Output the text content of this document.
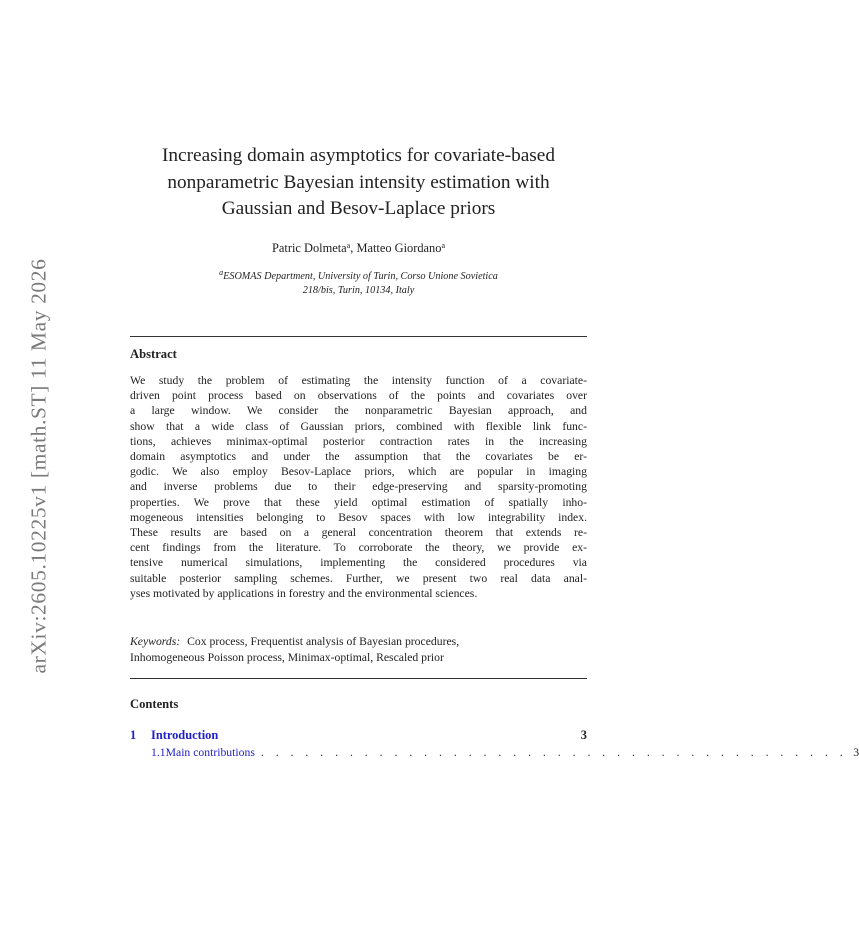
arXiv:2605.10225v1 [math.ST] 11 May 2026
Increasing domain asymptotics for covariate-based
nonparametric Bayesian intensity estimation with
Gaussian and Besov-Laplace priors
Patric Dolmeta$^a$, Matteo Giordano$^a$
$^a$ESOMAS Department, University of Turin, Corso Unione Sovietica
218/bis, Turin, 10134, Italy
Abstract
We study the problem of estimating the intensity function of a covariate-
driven point process based on observations of the points and covariates over
a large window. We consider the nonparametric Bayesian approach, and
show that a wide class of Gaussian priors, combined with flexible link func-
tions, achieves minimax-optimal posterior contraction rates in the increasing
domain asymptotics and under the assumption that the covariates be er-
godic. We also employ Besov-Laplace priors, which are popular in imaging
and inverse problems due to their edge-preserving and sparsity-promoting
properties. We prove that these yield optimal estimation of spatially inho-
mogeneous intensities belonging to Besov spaces with low integrability index.
These results are based on a general concentration theorem that extends re-
cent findings from the literature. To corroborate the theory, we provide ex-
tensive numerical simulations, implementing the considered procedures via
suitable posterior sampling schemes. Further, we present two real data anal-
yses motivated by applications in forestry and the environmental sciences.
Keywords: Cox process, Frequentist analysis of Bayesian procedures,
Inhomogeneous Poisson process, Minimax-optimal, Rescaled prior
Contents
1	Introduction	3
1.1 Main contributions . . . . . . . . . . . . . . . . . . . . . . . . . . . . . . . . . . . . . . . . 3
